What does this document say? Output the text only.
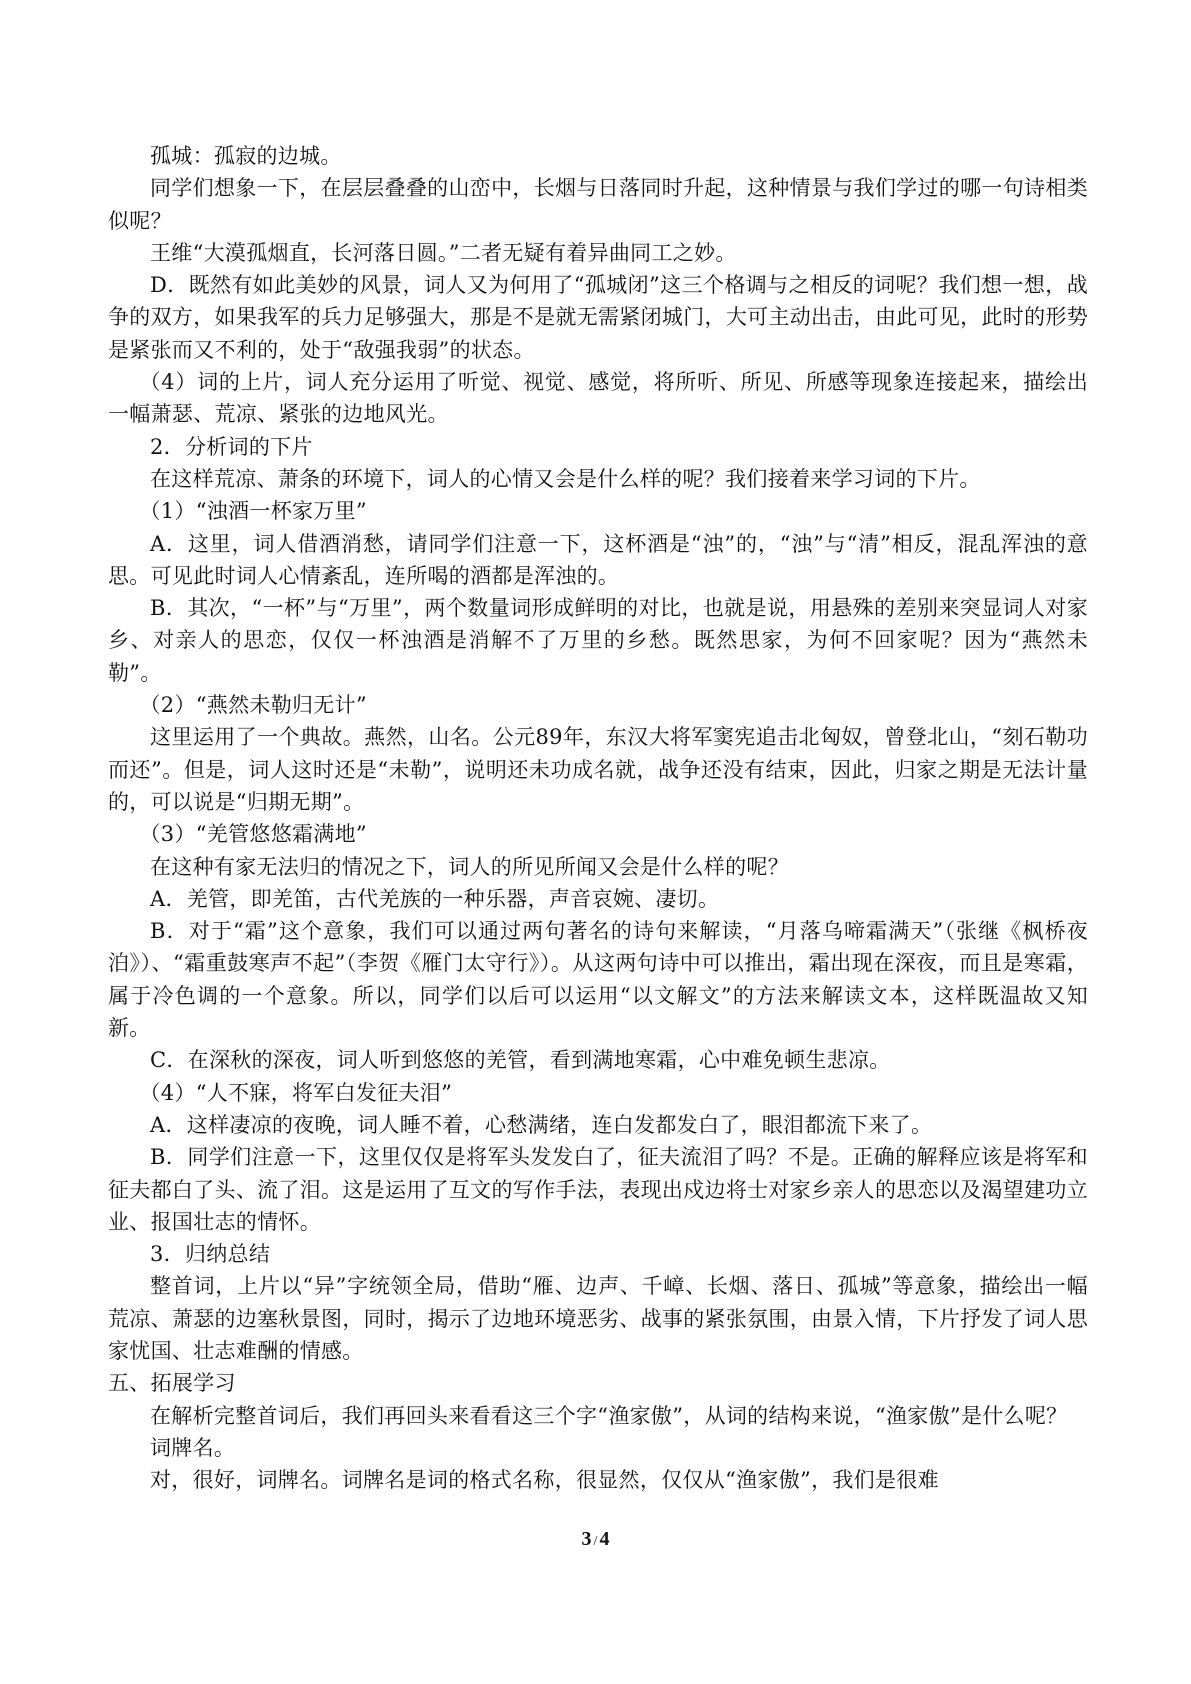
孤城：孤寂的边城。

同学们想象一下，在层层叠叠的山峦中，长烟与日落同时升起，这种情景与我们学过的哪一句诗相类似呢？

王维“大漠孤烟直，长河落日圆。”二者无疑有着异曲同工之妙。

D．既然有如此美妙的风景，词人又为何用了“孤城闭”这三个格调与之相反的词呢？我们想一想，战争的双方，如果我军的兵力足够强大，那是不是就无需紧闭城门，大可主动出击，由此可见，此时的形势是紧张而又不利的，处于“敌强我弱”的状态。

（4）词的上片，词人充分运用了听觉、视觉、感觉，将所听、所见、所感等现象连接起来，描绘出一幅萧瑟、荒凉、紧张的边地风光。

2．分析词的下片

在这样荒凉、萧条的环境下，词人的心情又会是什么样的呢？我们接着来学习词的下片。

（1）“浊酒一杯家万里”

A．这里，词人借酒消愁，请同学们注意一下，这杯酒是“浊”的，“浊”与“清”相反，混乱浑浊的意思。可见此时词人心情紊乱，连所喝的酒都是浑浊的。

B．其次，“一杯”与“万里”，两个数量词形成鲜明的对比，也就是说，用悬殊的差别来突显词人对家乡、对亲人的思恋，仅仅一杯浊酒是消解不了万里的乡愁。既然思家，为何不回家呢？因为“燕然未勒”。

（2）“燕然未勒归无计”

这里运用了一个典故。燕然，山名。公元89年，东汉大将军窦宪追击北匈奴，曾登北山，“刻石勒功而还”。但是，词人这时还是“未勒”，说明还未功成名就，战争还没有结束，因此，归家之期是无法计量的，可以说是“归期无期”。

（3）“羌管悠悠霜满地”

在这种有家无法归的情况之下，词人的所见所闻又会是什么样的呢？

A．羌管，即羌笛，古代羌族的一种乐器，声音哀婉、凄切。

B．对于“霜”这个意象，我们可以通过两句著名的诗句来解读，“月落乌啼霜满天”（张继《枫桥夜泊》）、“霜重鼓寒声不起”（李贺《雁门太守行》）。从这两句诗中可以推出，霜出现在深夜，而且是寒霜，属于冷色调的一个意象。所以，同学们以后可以运用“以文解文”的方法来解读文本，这样既温故又知新。

C．在深秋的深夜，词人听到悠悠的羌管，看到满地寒霜，心中难免顿生悲凉。

（4）“人不寐，将军白发征夫泪”

A．这样凄凉的夜晚，词人睡不着，心愁满绪，连白发都发白了，眼泪都流下来了。

B．同学们注意一下，这里仅仅是将军头发发白了，征夫流泪了吗？不是。正确的解释应该是将军和征夫都白了头、流了泪。这是运用了互文的写作手法，表现出戍边将士对家乡亲人的思恋以及渴望建功立业、报国壮志的情怀。

3．归纳总结

整首词，上片以“异”字统领全局，借助“雁、边声、千嶂、长烟、落日、孤城”等意象，描绘出一幅荒凉、萧瑟的边塞秋景图，同时，揭示了边地环境恶劣、战事的紧张氛围，由景入情，下片抒发了词人思家忧国、壮志难酬的情感。

五、拓展学习

在解析完整首词后，我们再回头来看看这三个字“渔家傲”，从词的结构来说，“渔家傲”是什么呢？

词牌名。

对，很好，词牌名。词牌名是词的格式名称，很显然，仅仅从“渔家傲”，我们是很难

3 / 4
